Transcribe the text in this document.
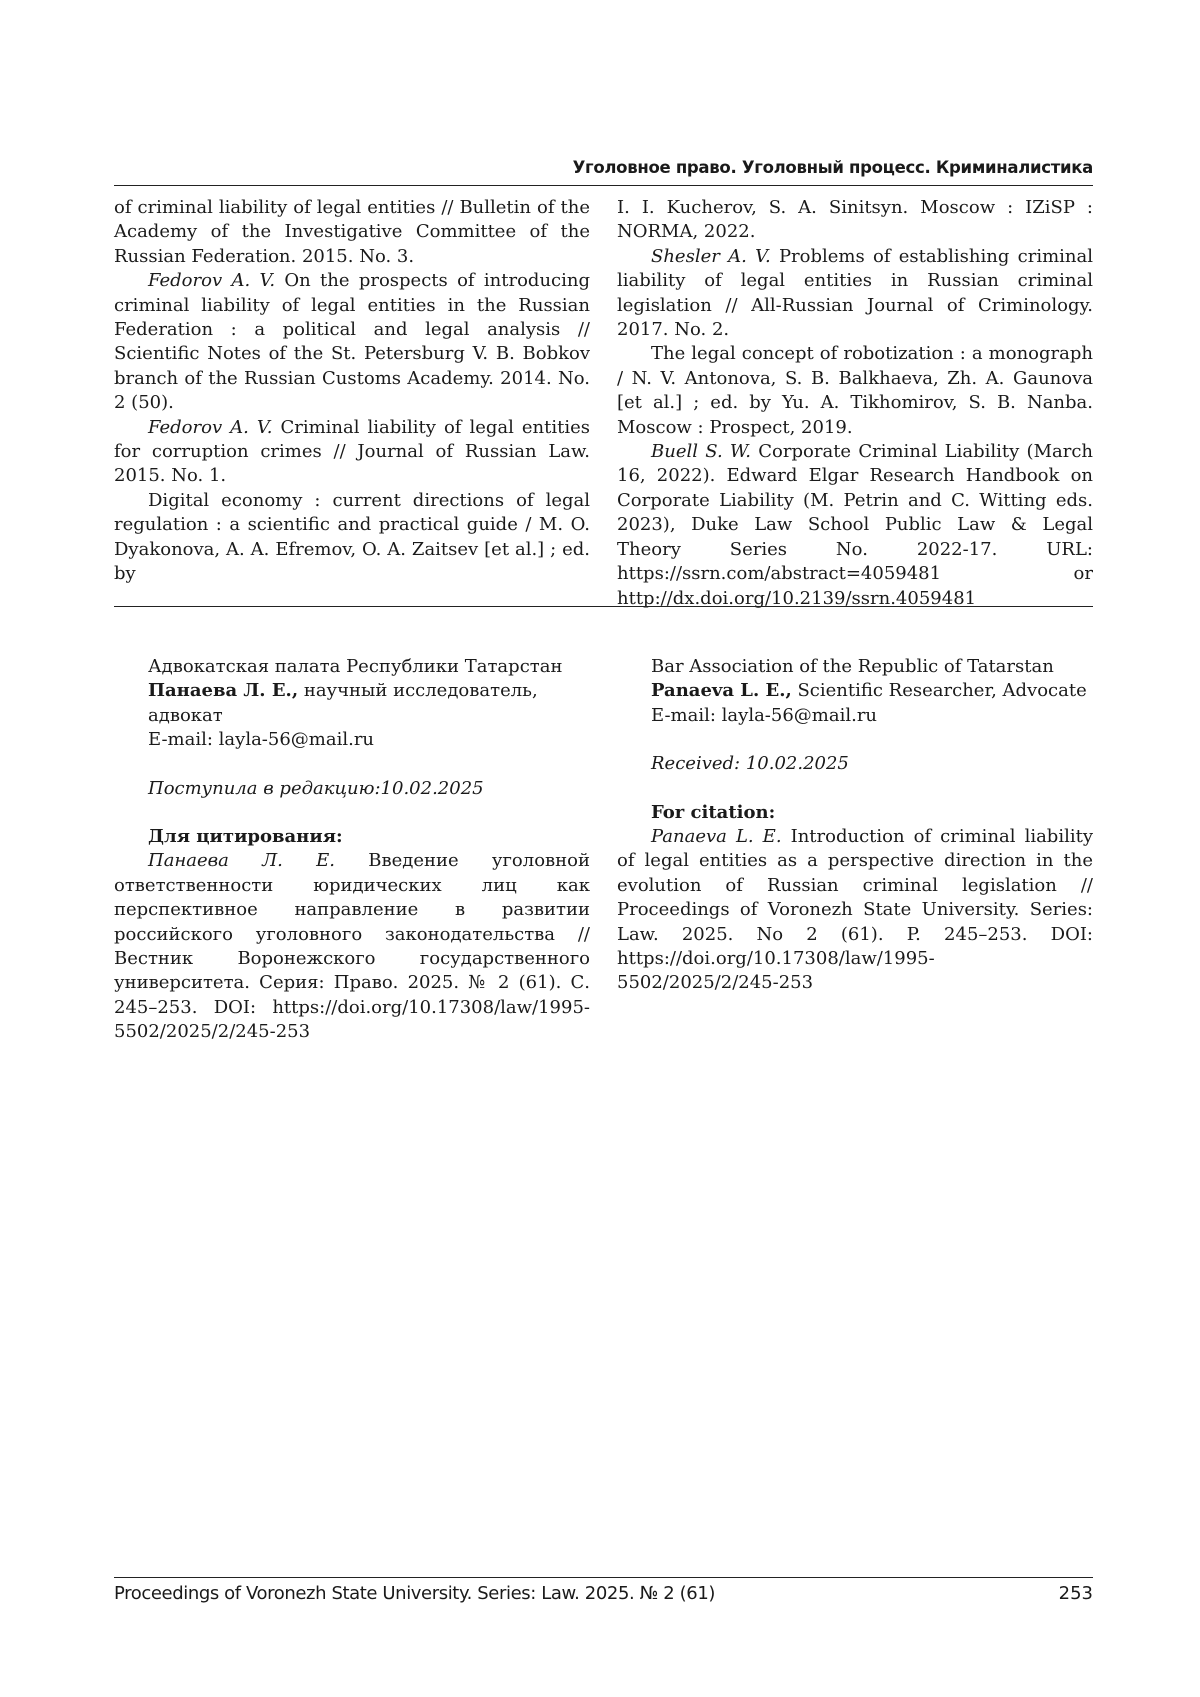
Уголовное право. Уголовный процесс. Криминалистика

of criminal liability of legal entities // Bulletin of the Academy of the Investigative Committee of the Russian Federation. 2015. No. 3.

Fedorov A. V. On the prospects of introducing criminal liability of legal entities in the Russian Federation : a political and legal analysis // Scientific Notes of the St. Petersburg V. B. Bobkov branch of the Russian Customs Academy. 2014. No. 2 (50).

Fedorov A. V. Criminal liability of legal entities for corruption crimes // Journal of Russian Law. 2015. No. 1.

Digital economy : current directions of legal regulation : a scientific and practical guide / M. O. Dyakonova, A. A. Efremov, O. A. Zaitsev [et al.] ; ed. by

I. I. Kucherov, S. A. Sinitsyn. Moscow : IZiSP : NORMA, 2022.

Shesler A. V. Problems of establishing criminal liability of legal entities in Russian criminal legislation // All-Russian Journal of Criminology. 2017. No. 2.

The legal concept of robotization : a monograph / N. V. Antonova, S. B. Balkhaeva, Zh. A. Gaunova [et al.] ; ed. by Yu. A. Tikhomirov, S. B. Nanba. Moscow : Prospect, 2019.

Buell S. W. Corporate Criminal Liability (March 16, 2022). Edward Elgar Research Handbook on Corporate Liability (M. Petrin and C. Witting eds. 2023), Duke Law School Public Law & Legal Theory Series No. 2022-17. URL: https://ssrn.com/abstract=4059481 or http://dx.doi.org/10.2139/ssrn.4059481

Адвокатская палата Республики Татарстан

Панаева Л. Е., научный исследователь, адвокат

E-mail: layla-56@mail.ru

Поступила в редакцию:10.02.2025

Для цитирования:

Панаева Л. Е. Введение уголовной ответственности юридических лиц как перспективное направление в развитии российского уголовного законодательства // Вестник Воронежского государственного университета. Серия: Право. 2025. № 2 (61). С. 245–253. DOI: https://doi.org/10.17308/law/1995-5502/2025/2/245-253

Bar Association of the Republic of Tatarstan

Panaeva L. E., Scientific Researcher, Advocate

E-mail: layla-56@mail.ru

Received: 10.02.2025

For citation:

Panaeva L. E. Introduction of criminal liability of legal entities as a perspective direction in the evolution of Russian criminal legislation // Proceedings of Voronezh State University. Series: Law. 2025. No 2 (61). P. 245–253. DOI: https://doi.org/10.17308/law/1995-5502/2025/2/245-253

Proceedings of Voronezh State University. Series: Law. 2025. № 2 (61)	253
